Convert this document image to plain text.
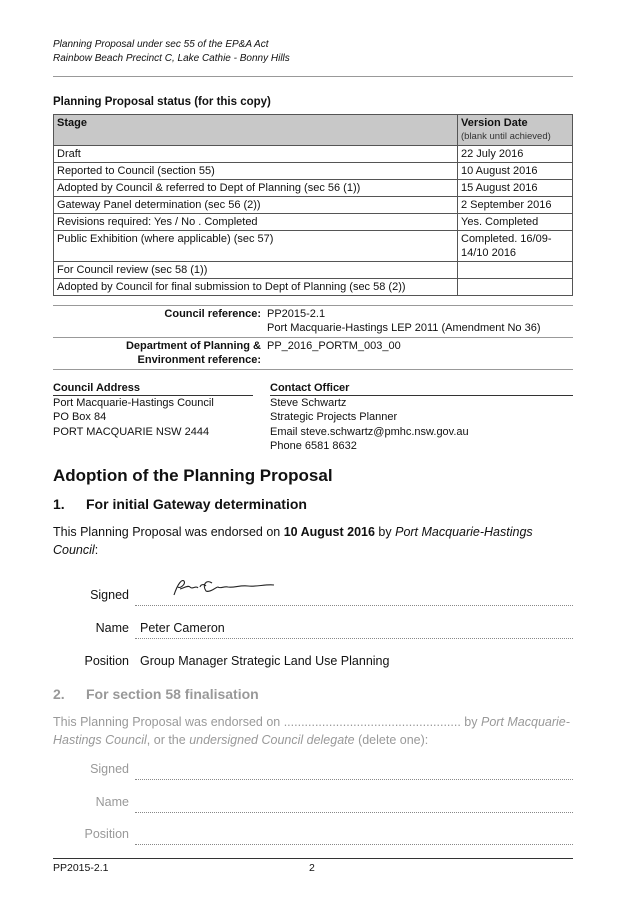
Planning Proposal under sec 55 of the EP&A Act
Rainbow Beach Precinct C, Lake Cathie - Bonny Hills
Planning Proposal status (for this copy)
Stage	Version Date
(blank until achieved)

Draft	22 July 2016
Reported to Council (section 55)	10 August 2016
Adopted by Council & referred to Dept of Planning (sec 56 (1))	15 August 2016
Gateway Panel determination (sec 56 (2))	2 September 2016
Revisions required: Yes / No . Completed	Yes. Completed
Public Exhibition (where applicable) (sec 57)	Completed. 16/09-14/10 2016
For Council review (sec 58 (1))	
Adopted by Council for final submission to Dept of Planning (sec 58 (2))	
Council reference: PP2015-2.1
Port Macquarie-Hastings LEP 2011 (Amendment No 36)
Department of Planning &
Environment reference:
PP_2016_PORTM_003_00
Council Address
Port Macquarie-Hastings Council
PO Box 84
PORT MACQUARIE NSW 2444
Contact Officer
Steve Schwartz
Strategic Projects Planner
Email steve.schwartz@pmhc.nsw.gov.au
Phone 6581 8632
Adoption of the Planning Proposal
1. For initial Gateway determination
This Planning Proposal was endorsed on 10 August 2016 by Port Macquarie-Hastings Council:
Signed
Name Peter Cameron
Position Group Manager Strategic Land Use Planning
2. For section 58 finalisation
This Planning Proposal was endorsed on ................................................... by Port Macquarie-Hastings Council, or the undersigned Council delegate (delete one):
Signed
Name
Position
PP2015-2.1	2
